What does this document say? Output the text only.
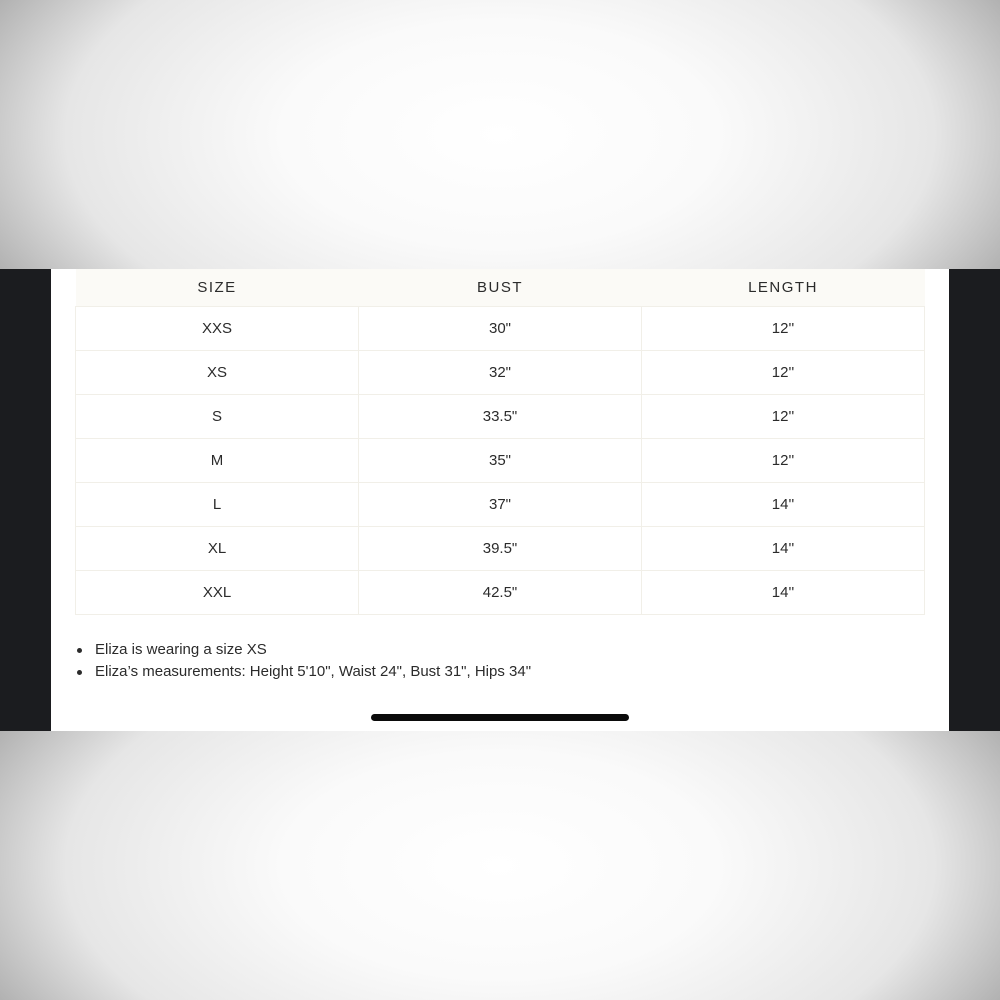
SIZE	BUST	LENGTH
XXS	30"	12''
XS	32"	12''
S	33.5"	12''
M	35"	12''
L	37"	14''
XL	39.5"	14''
XXL	42.5"	14''
Eliza is wearing a size XS
Eliza’s measurements: Height 5'10", Waist 24", Bust 31", Hips 34"
